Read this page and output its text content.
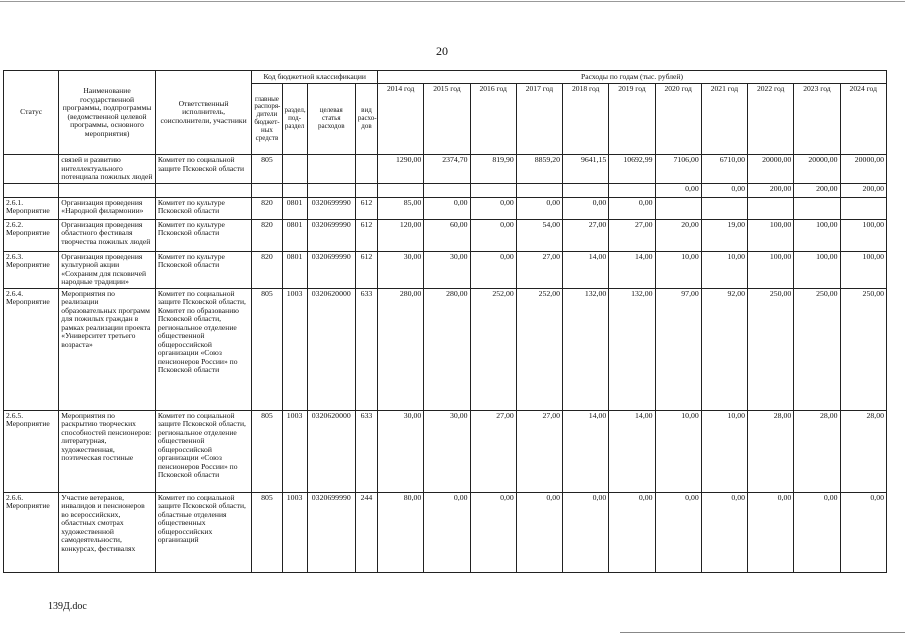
20
Статус	Наименование государственной программы, подпрограммы (ведомственной целевой программы, основного мероприятия)	Ответственный исполнитель, соисполнители, участники	Код бюджетной классификации				Расходы по годам (тыс. рублей)										
			главные распоря-дители бюджет-ных средств	раздел, под-раздел	целевая статья расходов	вид расхо-дов	2014 год	2015 год	2016 год	2017 год	2018 год	2019 год	2020 год	2021 год	2022 год	2023 год	2024 год
	связей и развитию интеллектуального потенциала пожилых людей	Комитет по социальной защите Псковской области	805				1290,00	2374,70	819,90	8859,20	9641,15	10692,99	7106,00	6710,00	20000,00	20000,00	20000,00
													0,00	0,00	200,00	200,00	200,00
2.6.1. Мероприятие	Организация проведения «Народной филармонии»	Комитет по культуре Псковской области	820	0801	0320699990	612	85,00	0,00	0,00	0,00	0,00	0,00					
2.6.2. Мероприятие	Организация проведения областного фестиваля творчества пожилых людей	Комитет по культуре Псковской области	820	0801	0320699990	612	120,00	60,00	0,00	54,00	27,00	27,00	20,00	19,00	100,00	100,00	100,00
2.6.3. Мероприятие	Организация проведения культурной акции «Сохраним для псковичей народные традиции»	Комитет по культуре Псковской области	820	0801	0320699990	612	30,00	30,00	0,00	27,00	14,00	14,00	10,00	10,00	100,00	100,00	100,00
2.6.4. Мероприятие	Мероприятия по реализации образовательных программ для пожилых граждан в рамках реализации проекта «Университет третьего возраста»	Комитет по социальной защите Псковской области, Комитет по образованию Псковской области, региональное отделение общественной общероссийской организации «Союз пенсионеров России» по Псковской области	805	1003	0320620000	633	280,00	280,00	252,00	252,00	132,00	132,00	97,00	92,00	250,00	250,00	250,00
2.6.5. Мероприятие	Мероприятия по раскрытию творческих способностей пенсионеров: литературная, художественная, поэтическая гостиные	Комитет по социальной защите Псковской области, региональное отделение общественной общероссийской организации «Союз пенсионеров России» по Псковской области	805	1003	0320620000	633	30,00	30,00	27,00	27,00	14,00	14,00	10,00	10,00	28,00	28,00	28,00
2.6.6. Мероприятие	Участие ветеранов, инвалидов и пенсионеров во всероссийских, областных смотрах художественной самодеятельности, конкурсах, фестивалях	Комитет по социальной защите Псковской области, областные отделения общественных общероссийских организаций	805	1003	0320699990	244	80,00	0,00	0,00	0,00	0,00	0,00	0,00	0,00	0,00	0,00	0,00
139Д.doc
